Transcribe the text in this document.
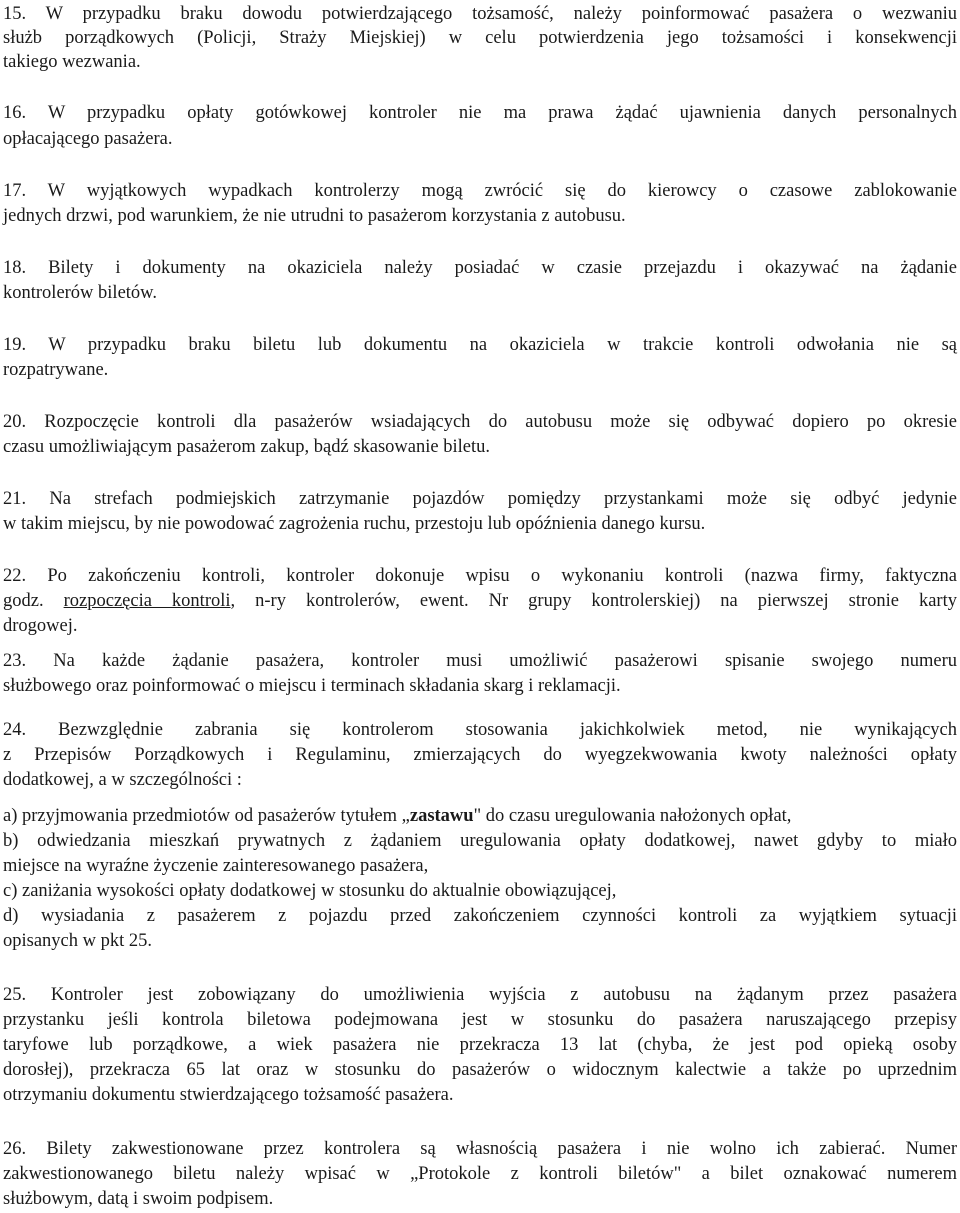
15. W przypadku braku dowodu potwierdzającego tożsamość, należy poinformować pasażera o wezwaniu
służb porządkowych (Policji, Straży Miejskiej) w celu potwierdzenia jego tożsamości i konsekwencji
takiego wezwania.
16. W przypadku opłaty gotówkowej kontroler nie ma prawa żądać ujawnienia danych personalnych
opłacającego pasażera.
17. W wyjątkowych wypadkach kontrolerzy mogą zwrócić się do kierowcy o czasowe zablokowanie
jednych drzwi, pod warunkiem, że nie utrudni to pasażerom korzystania z autobusu.
18. Bilety i dokumenty na okaziciela należy posiadać w czasie przejazdu i okazywać na żądanie
kontrolerów biletów.
19. W przypadku braku biletu lub dokumentu na okaziciela w trakcie kontroli odwołania nie są
rozpatrywane.
20. Rozpoczęcie kontroli dla pasażerów wsiadających do autobusu może się odbywać dopiero po okresie
czasu umożliwiającym pasażerom zakup, bądź skasowanie biletu.
21. Na strefach podmiejskich zatrzymanie pojazdów pomiędzy przystankami może się odbyć jedynie
w takim miejscu, by nie powodować zagrożenia ruchu, przestoju lub opóźnienia danego kursu.
22. Po zakończeniu kontroli, kontroler dokonuje wpisu o wykonaniu kontroli (nazwa firmy, faktyczna
godz. rozpoczęcia kontroli, n-ry kontrolerów, ewent. Nr grupy kontrolerskiej) na pierwszej stronie karty
drogowej.
23. Na każde żądanie pasażera, kontroler musi umożliwić pasażerowi spisanie swojego numeru
służbowego oraz poinformować o miejscu i terminach składania skarg i reklamacji.
24. Bezwzględnie zabrania się kontrolerom stosowania jakichkolwiek metod, nie wynikających
z Przepisów Porządkowych i Regulaminu, zmierzających do wyegzekwowania kwoty należności opłaty
dodatkowej, a w szczególności :
a) przyjmowania przedmiotów od pasażerów tytułem „zastawu" do czasu uregulowania nałożonych opłat,
b) odwiedzania mieszkań prywatnych z żądaniem uregulowania opłaty dodatkowej, nawet gdyby to miało
miejsce na wyraźne życzenie zainteresowanego pasażera,
c) zaniżania wysokości opłaty dodatkowej w stosunku do aktualnie obowiązującej,
d) wysiadania z pasażerem z pojazdu przed zakończeniem czynności kontroli za wyjątkiem sytuacji
opisanych w pkt 25.
25. Kontroler jest zobowiązany do umożliwienia wyjścia z autobusu na żądanym przez pasażera
przystanku jeśli kontrola biletowa podejmowana jest w stosunku do pasażera naruszającego przepisy
taryfowe lub porządkowe, a wiek pasażera nie przekracza 13 lat (chyba, że jest pod opieką osoby
dorosłej), przekracza 65 lat oraz w stosunku do pasażerów o widocznym kalectwie a także po uprzednim
otrzymaniu dokumentu stwierdzającego tożsamość pasażera.
26. Bilety zakwestionowane przez kontrolera są własnością pasażera i nie wolno ich zabierać. Numer
zakwestionowanego biletu należy wpisać w „Protokole z kontroli biletów" a bilet oznakować numerem
służbowym, datą i swoim podpisem.
